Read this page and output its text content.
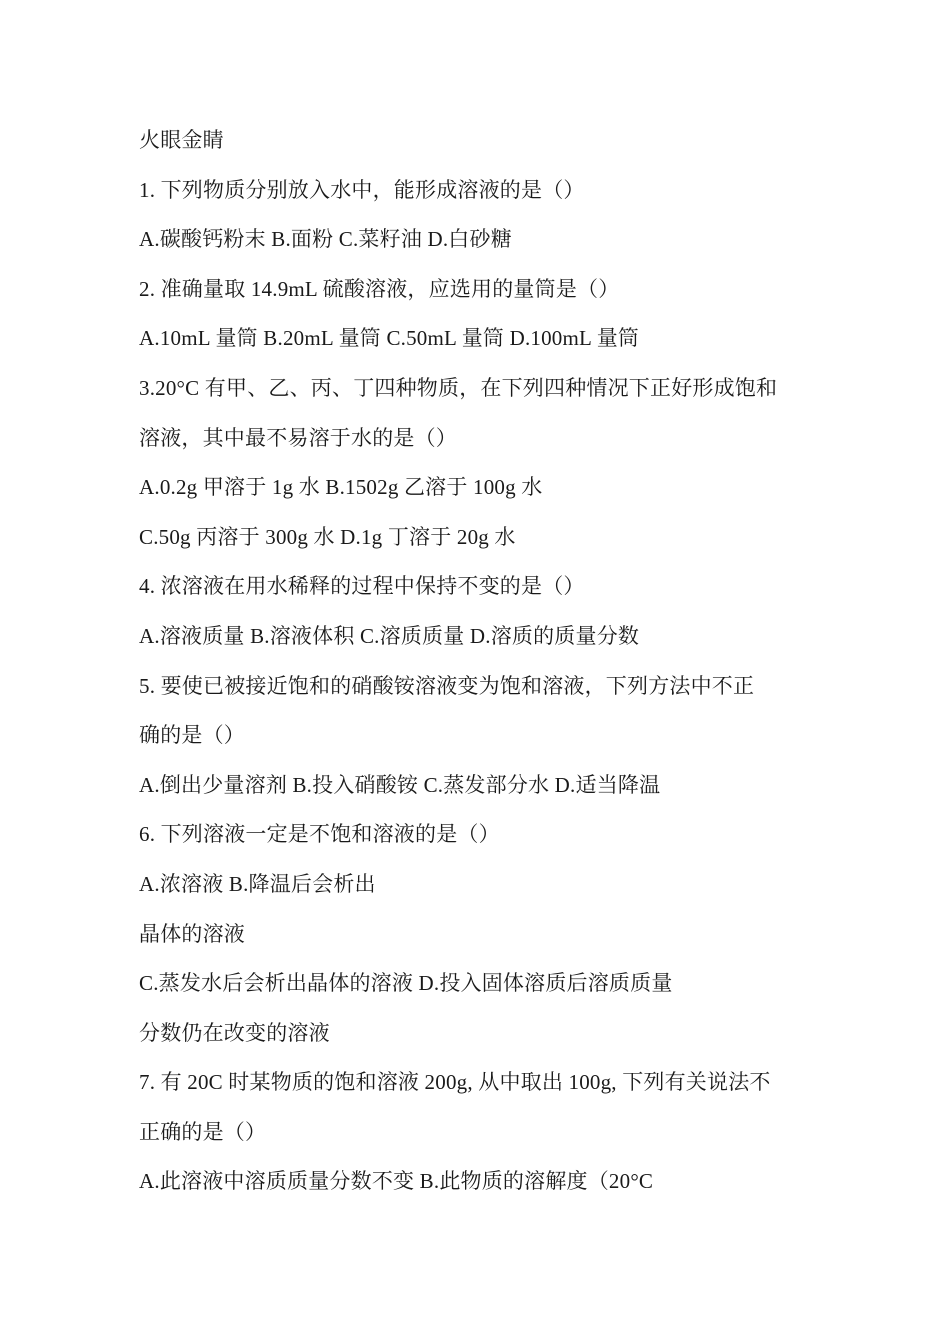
火眼金睛
1. 下列物质分别放入水中，能形成溶液的是（）
A.碳酸钙粉末 B.面粉 C.菜籽油 D.白砂糖
2. 准确量取 14.9mL 硫酸溶液，应选用的量筒是（）
A.10mL 量筒 B.20mL 量筒 C.50mL 量筒 D.100mL 量筒
3.20°C 有甲、乙、丙、丁四种物质，在下列四种情况下正好形成饱和
溶液，其中最不易溶于水的是（）
A.0.2g 甲溶于 1g 水 B.1502g 乙溶于 100g 水
C.50g 丙溶于 300g 水 D.1g 丁溶于 20g 水
4. 浓溶液在用水稀释的过程中保持不变的是（）
A.溶液质量 B.溶液体积 C.溶质质量 D.溶质的质量分数
5. 要使已被接近饱和的硝酸铵溶液变为饱和溶液，下列方法中不正
确的是（）
A.倒出少量溶剂 B.投入硝酸铵 C.蒸发部分水 D.适当降温
6. 下列溶液一定是不饱和溶液的是（）
A.浓溶液 B.降温后会析出
晶体的溶液
C.蒸发水后会析出晶体的溶液 D.投入固体溶质后溶质质量
分数仍在改变的溶液
7. 有 20C 时某物质的饱和溶液 200g, 从中取出 100g, 下列有关说法不
正确的是（）
A.此溶液中溶质质量分数不变 B.此物质的溶解度（20°C
